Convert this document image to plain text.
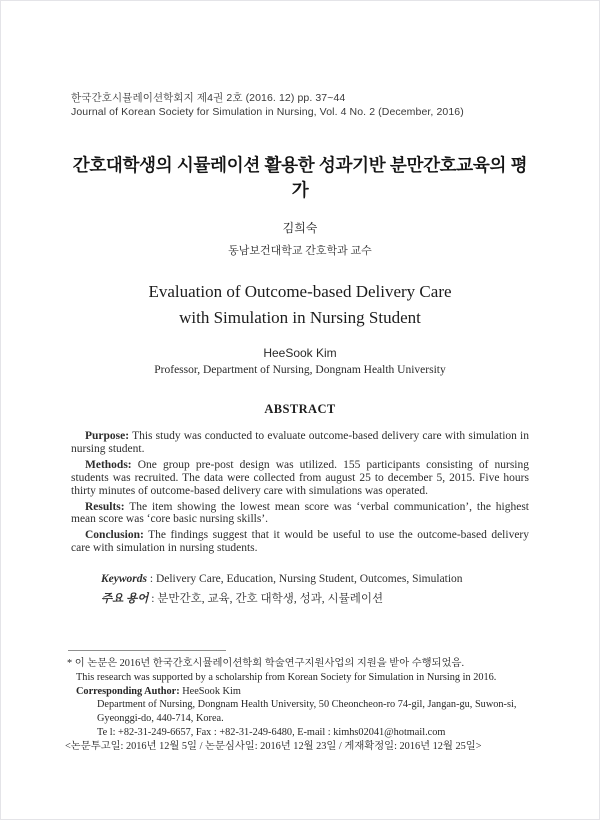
한국간호시뮬레이션학회지 제4권 2호 (2016. 12) pp. 37~44
Journal of Korean Society for Simulation in Nursing, Vol. 4 No. 2 (December, 2016)
간호대학생의 시뮬레이션 활용한 성과기반 분만간호교육의 평가
김희숙
동남보건대학교 간호학과 교수
Evaluation of Outcome-based Delivery Care
with Simulation in Nursing Student
HeeSook Kim
Professor, Department of Nursing, Dongnam Health University
ABSTRACT

Purpose: This study was conducted to evaluate outcome-based delivery care with simulation in nursing student.

Methods: One group pre-post design was utilized. 155 participants consisting of nursing students was recruited. The data were collected from august 25 to december 5, 2015. Five hours thirty minutes of outcome-based delivery care with simulations was operated.

Results: The item showing the lowest mean score was ‘verbal communication’, the highest mean score was ‘core basic nursing skills’.

Conclusion: The findings suggest that it would be useful to use the outcome-based delivery care with simulation in nursing students.

Keywords : Delivery Care, Education, Nursing Student, Outcomes, Simulation
주요 용어 : 분만간호, 교육, 간호 대학생, 성과, 시뮬레이션
* 이 논문은 2016년 한국간호시뮬레이션학회 학술연구지원사업의 지원을 받아 수행되었음.
This research was supported by a scholarship from Korean Society for Simulation in Nursing in 2016.
Corresponding Author: HeeSook Kim
Department of Nursing, Dongnam Health University, 50 Cheoncheon-ro 74-gil, Jangan-gu, Suwon-si,
Gyeonggi-do, 440-714, Korea.
Te l: +82-31-249-6657, Fax : +82-31-249-6480, E-mail : kimhs02041@hotmail.com
<논문투고일: 2016년 12월 5일 / 논문심사일: 2016년 12월 23일 / 게재확정일: 2016년 12월 25일>
